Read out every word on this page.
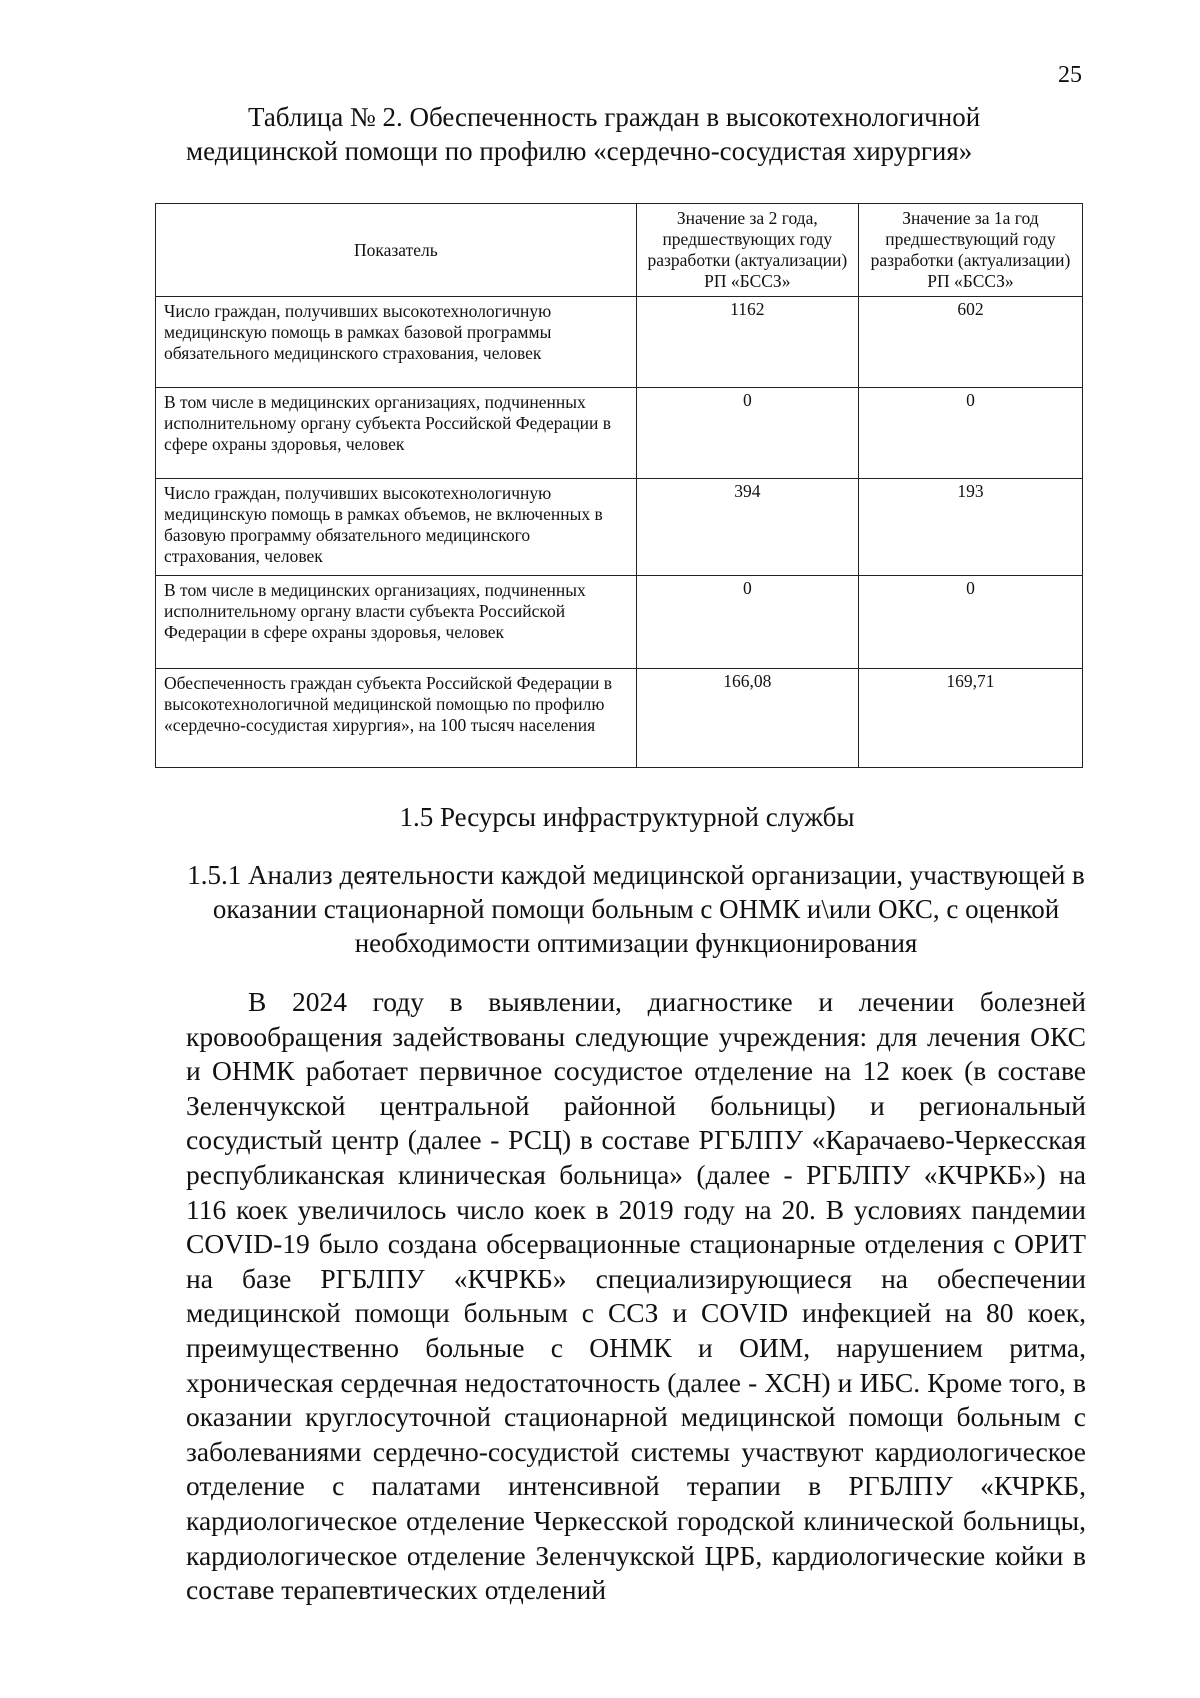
25
Таблица № 2. Обеспеченность граждан в высокотехнологичной медицинской помощи по профилю «сердечно-сосудистая хирургия»
Показатель	Значение за 2 года, предшествующих году разработки (актуализации) РП «БССЗ»	Значение за 1а год предшествующий году разработки (актуализации) РП «БССЗ»
Число граждан, получивших высокотехнологичную медицинскую помощь в рамках базовой программы обязательного медицинского страхования, человек	1162	602
В том числе в медицинских организациях, подчиненных исполнительному органу субъекта Российской Федерации в сфере охраны здоровья, человек	0	0
Число граждан, получивших высокотехнологичную медицинскую помощь в рамках объемов, не включенных в базовую программу обязательного медицинского страхования, человек	394	193
В том числе в медицинских организациях, подчиненных исполнительному органу власти субъекта Российской Федерации в сфере охраны здоровья, человек	0	0
Обеспеченность граждан субъекта Российской Федерации в высокотехнологичной медицинской помощью по профилю «сердечно-сосудистая хирургия», на 100 тысяч населения	166,08	169,71
1.5 Ресурсы инфраструктурной службы
1.5.1 Анализ деятельности каждой медицинской организации, участвующей в оказании стационарной помощи больным с ОНМК и\или ОКС, с оценкой необходимости оптимизации функционирования
В 2024 году в выявлении, диагностике и лечении болезней кровообращения задействованы следующие учреждения: для лечения ОКС и ОНМК работает первичное сосудистое отделение на 12 коек (в составе Зеленчукской центральной районной больницы) и региональный сосудистый центр (далее - РСЦ) в составе РГБЛПУ «Карачаево-Черкесская республиканская клиническая больница» (далее - РГБЛПУ «КЧРКБ») на 116 коек увеличилось число коек в 2019 году на 20. В условиях пандемии COVID-19 было создана обсервационные стационарные отделения с ОРИТ на базе РГБЛПУ «КЧРКБ» специализирующиеся на обеспечении медицинской помощи больным с ССЗ и COVID инфекцией на 80 коек, преимущественно больные с ОНМК и ОИМ, нарушением ритма, хроническая сердечная недостаточность (далее - ХСН) и ИБС. Кроме того, в оказании круглосуточной стационарной медицинской помощи больным с заболеваниями сердечно-сосудистой системы участвуют кардиологическое отделение с палатами интенсивной терапии в РГБЛПУ «КЧРКБ, кардиологическое отделение Черкесской городской клинической больницы, кардиологическое отделение Зеленчукской ЦРБ, кардиологические койки в составе терапевтических отделений
